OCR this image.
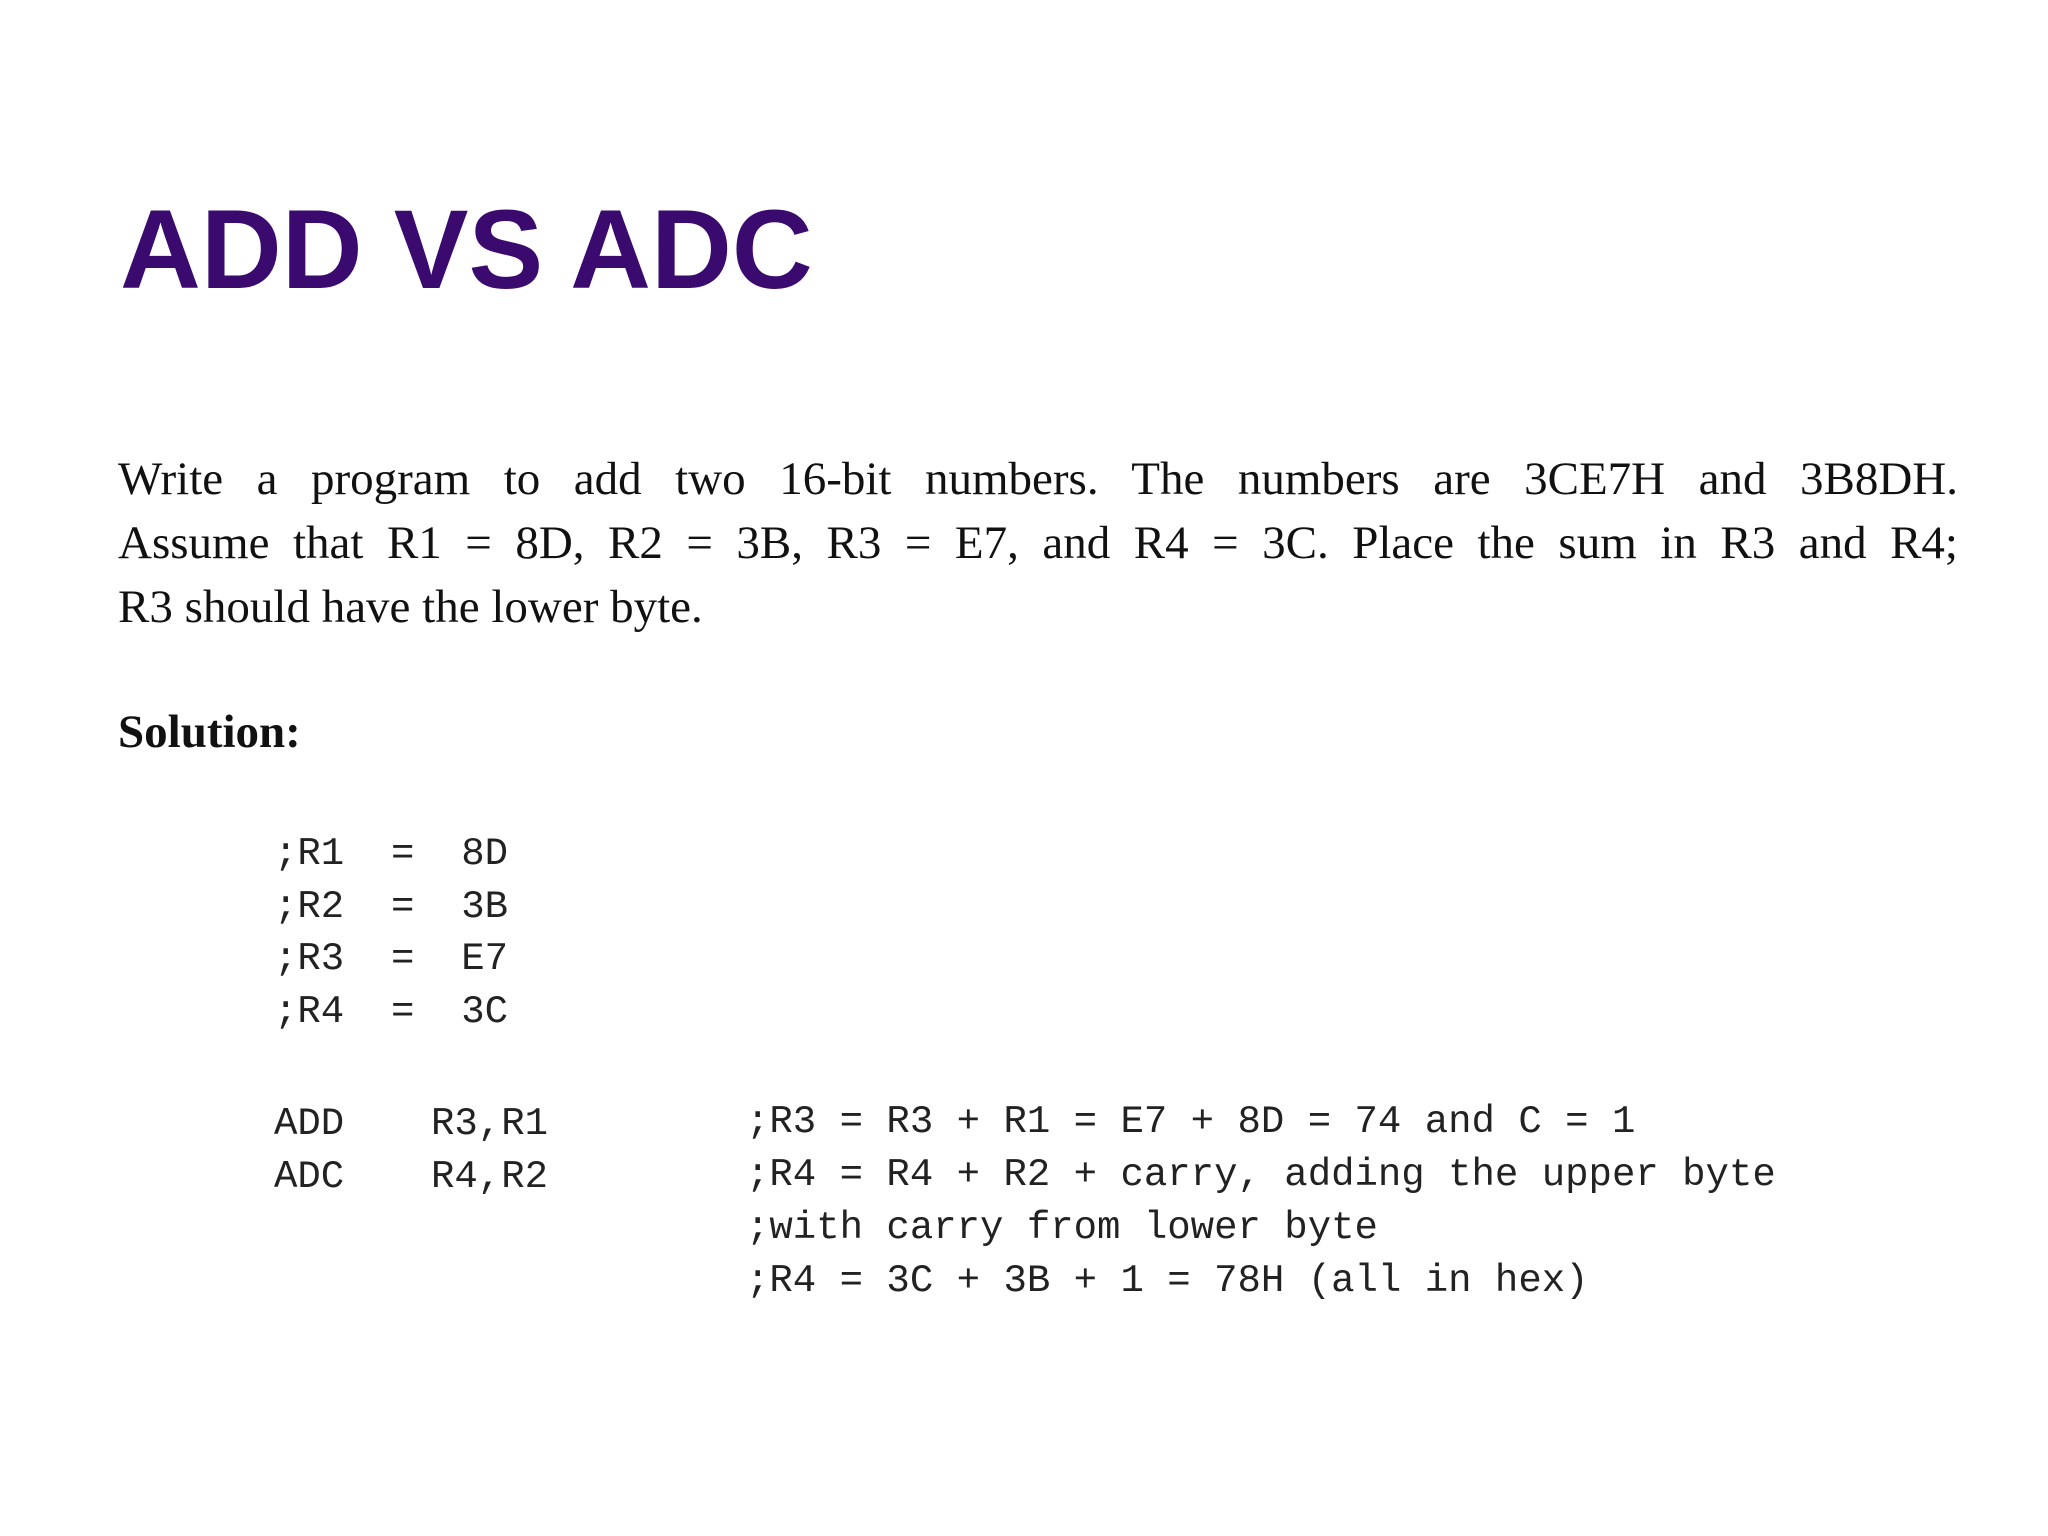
ADD VS ADC
Write a program to add two 16-bit numbers. The numbers are 3CE7H and 3B8DH.
Assume that R1 = 8D, R2 = 3B, R3 = E7, and R4 = 3C. Place the sum in R3 and R4;
R3 should have the lower byte.
Solution:
;R1  =  8D
;R2  =  3B
;R3  =  E7
;R4  =  3C

ADD

R3,R1

ADC

R4,R2

;R3 = R3 + R1 = E7 + 8D = 74 and C = 1
;R4 = R4 + R2 + carry, adding the upper byte
;with carry from lower byte
;R4 = 3C + 3B + 1 = 78H (all in hex)
